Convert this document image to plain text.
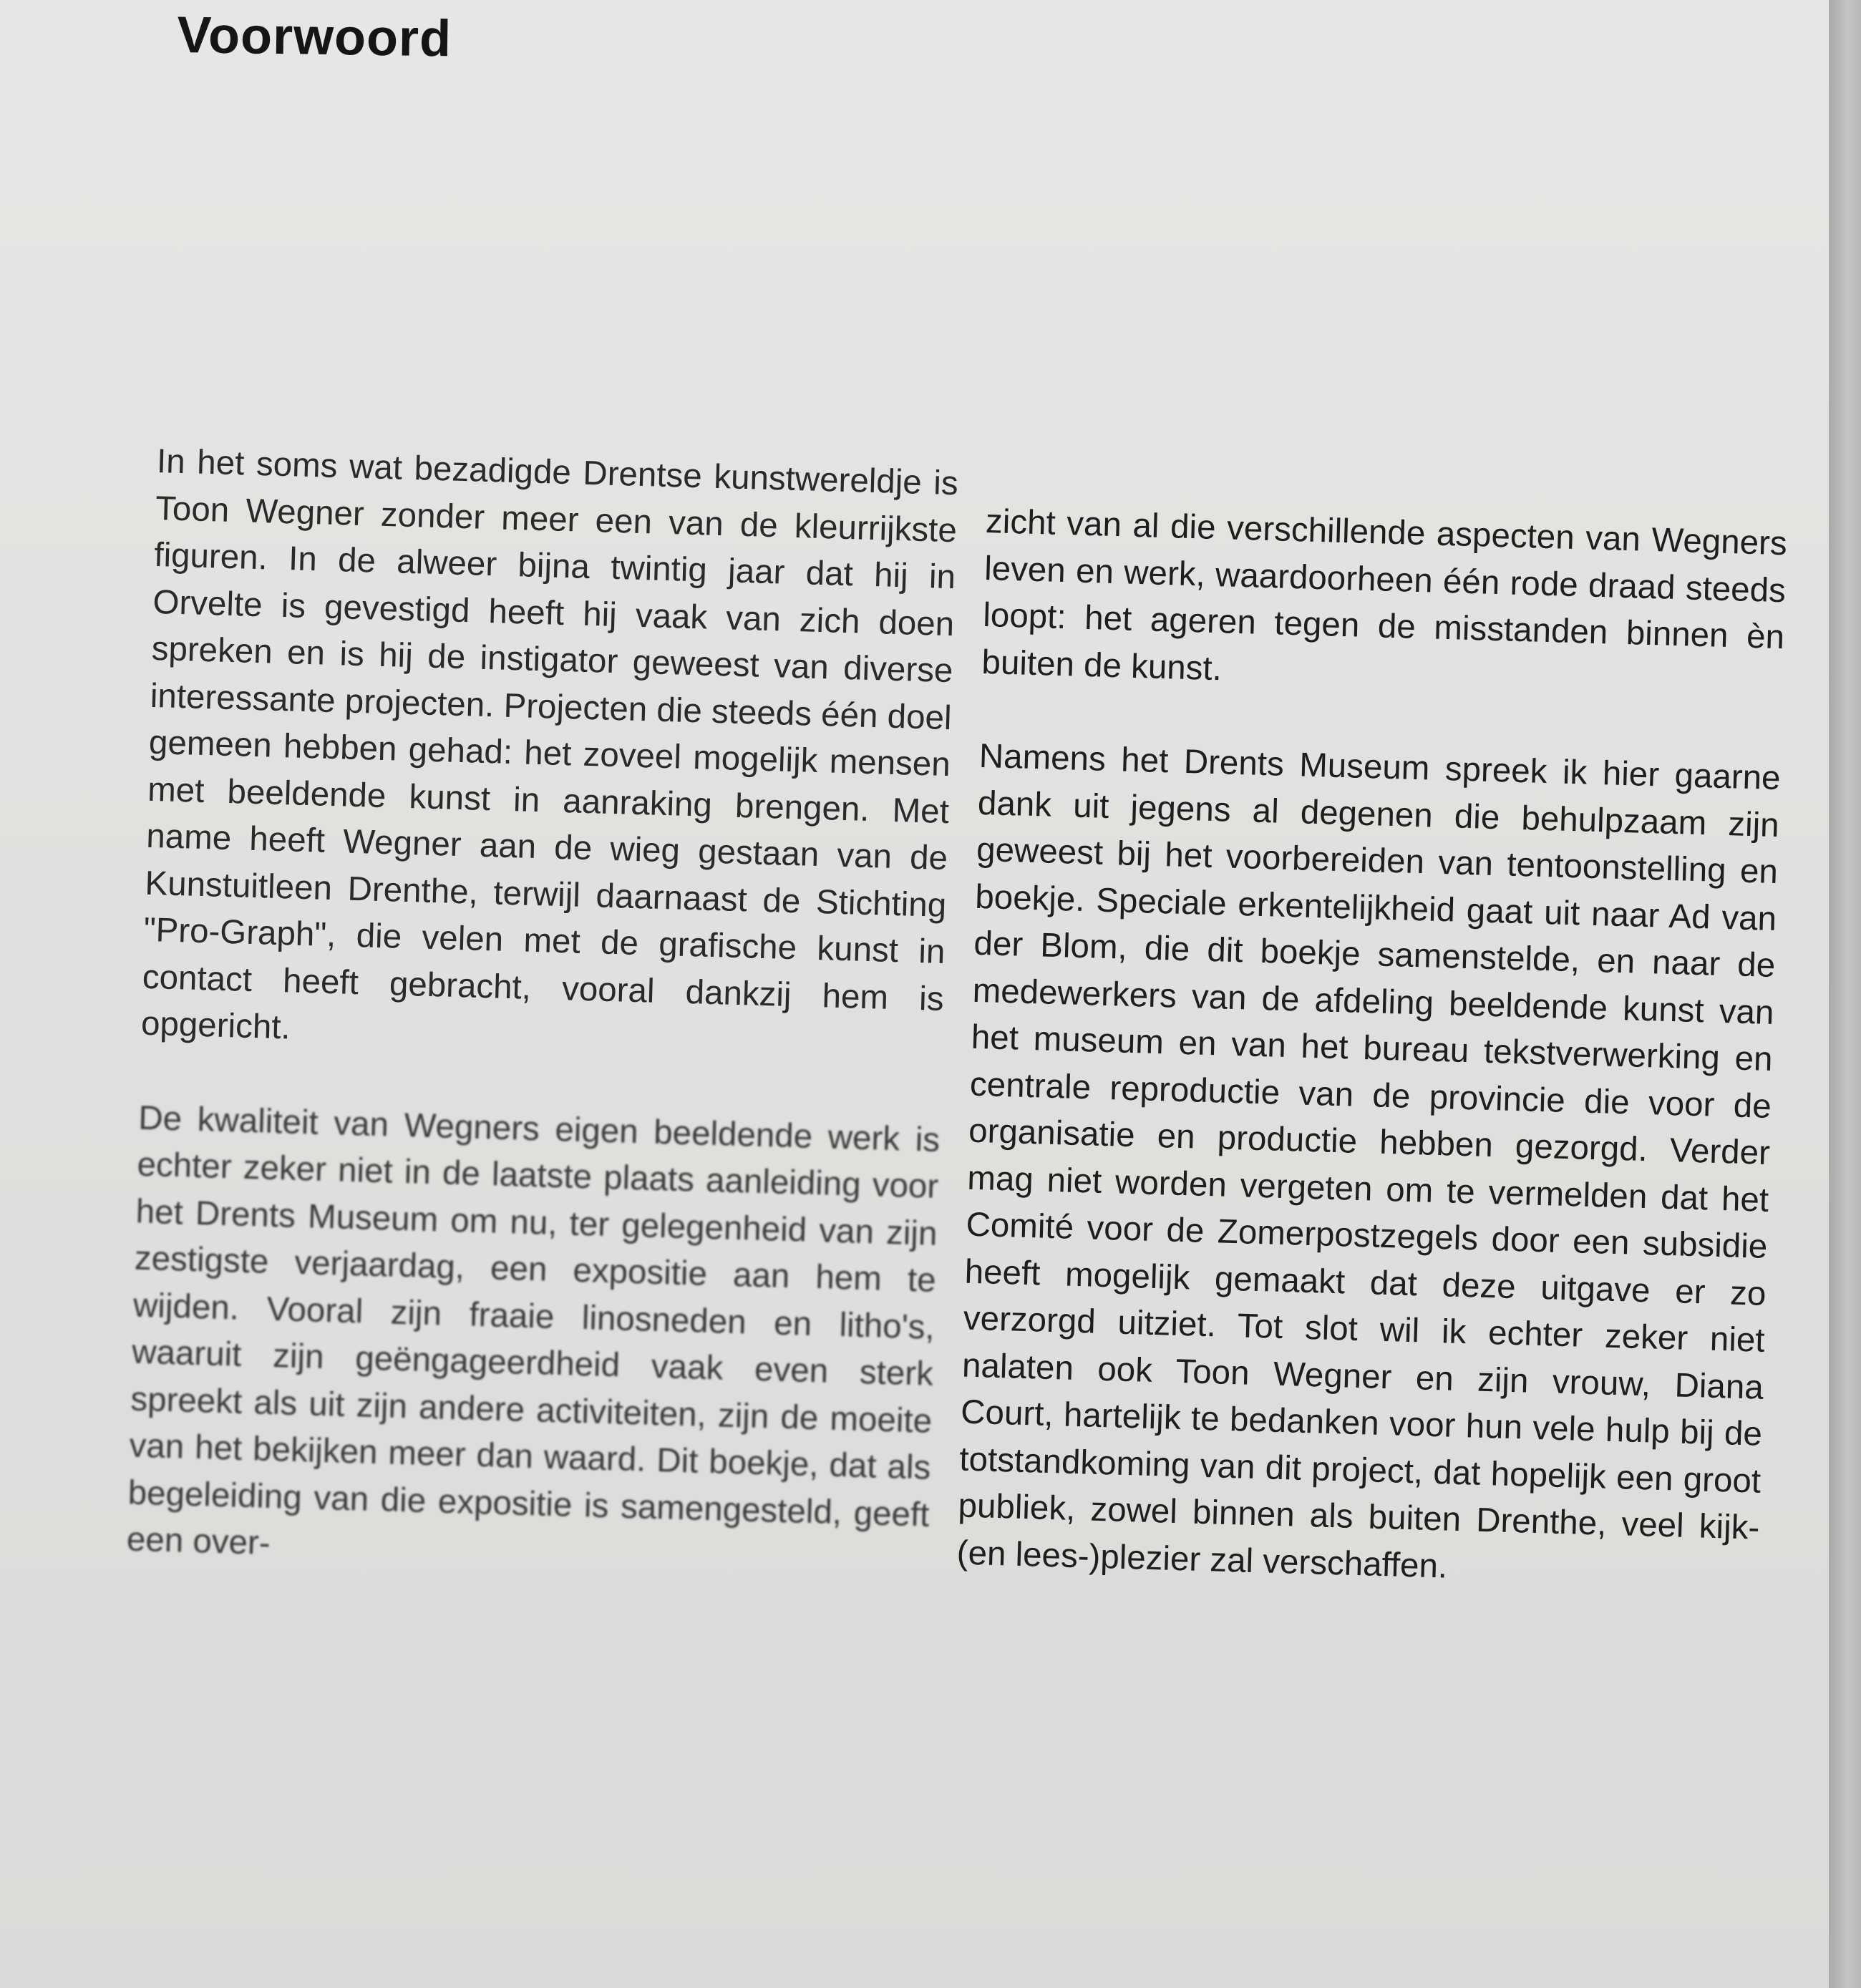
Voorwoord

In het soms wat bezadigde Drentse kunstwereldje is Toon Wegner zonder meer een van de kleurrijkste figuren. In de alweer bijna twintig jaar dat hij in Orvelte is gevestigd heeft hij vaak van zich doen spreken en is hij de instigator geweest van diverse interessante projecten. Projecten die steeds één doel gemeen hebben gehad: het zoveel mogelijk mensen met beeldende kunst in aanraking brengen. Met name heeft Wegner aan de wieg gestaan van de Kunstuitleen Drenthe, terwijl daarnaast de Stichting "Pro-Graph", die velen met de grafische kunst in contact heeft gebracht, vooral dankzij hem is opgericht.

De kwaliteit van Wegners eigen beeldende werk is echter zeker niet in de laatste plaats aanleiding voor het Drents Museum om nu, ter gelegenheid van zijn zestigste verjaardag, een expositie aan hem te wijden. Vooral zijn fraaie linosneden en litho's, waaruit zijn geëngageerdheid vaak even sterk spreekt als uit zijn andere activiteiten, zijn de moeite van het bekijken meer dan waard. Dit boekje, dat als begeleiding van die expositie is samengesteld, geeft een over-

zicht van al die verschillende aspecten van Wegners leven en werk, waardoorheen één rode draad steeds loopt: het ageren tegen de misstanden binnen èn buiten de kunst.

Namens het Drents Museum spreek ik hier gaarne dank uit jegens al degenen die behulpzaam zijn geweest bij het voorbereiden van tentoonstelling en boekje. Speciale erkentelijkheid gaat uit naar Ad van der Blom, die dit boekje samenstelde, en naar de medewerkers van de afdeling beeldende kunst van het museum en van het bureau tekstverwerking en centrale reproductie van de provincie die voor de organisatie en productie hebben gezorgd. Verder mag niet worden vergeten om te vermelden dat het Comité voor de Zomerpostzegels door een subsidie heeft mogelijk gemaakt dat deze uitgave er zo verzorgd uitziet. Tot slot wil ik echter zeker niet nalaten ook Toon Wegner en zijn vrouw, Diana Court, hartelijk te bedanken voor hun vele hulp bij de totstandkoming van dit project, dat hopelijk een groot publiek, zowel binnen als buiten Drenthe, veel kijk-(en lees-)plezier zal verschaffen.
